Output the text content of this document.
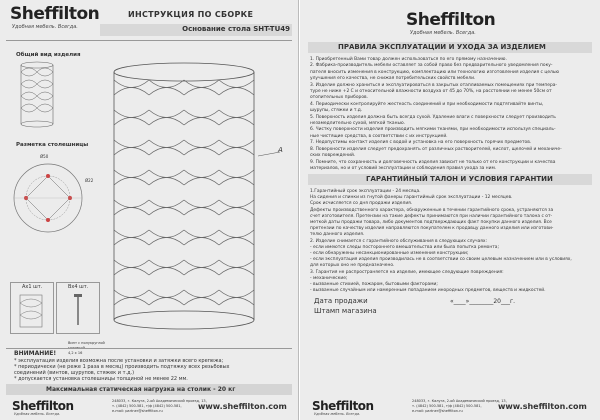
Sheffilton
Удобная мебель. Всегда.
ИНСТРУКЦИЯ ПО СБОРКЕ
Основание стола SHT-TU49
Общий вид изделия
Разметка столешницы
Ø50
Ø22
А
Ax1 шт.	Bx4 шт.
Винт с полукруглой
4,2 х 16
ВНИМАНИЕ!
* эксплуатация изделия возможна после установки и затяжки всего крепежа;
* периодически (не реже 1 раза в месяц) производить подтяжку всех резьбовых
соединений (винтов, шурупов, стяжек и т.д.)
* допускается установка столешницы толщиной не менее 22 мм.
Максимальная статическая нагрузка на столик - 20 кг
Sheffilton
Удобная мебель. Всегда.
248033, г. Калуга, 2-ой Академический проезд, 13,
т. (4842) 500-581, т/ф (4842) 500-581,
e-mail: partner@sheffilton.ru	www.sheffilton.com
Sheffilton
Удобная мебель. Всегда.
ПРАВИЛА ЭКСПЛУАТАЦИИ И УХОДА ЗА ИЗДЕЛИЕМ
1. Приобретенный Вами товар должен использоваться по его прямому назначению.
2. Фабрика-производитель мебели оставляет за собой право без предварительного уведомления поку-
пателя вносить изменения в конструкцию, комплектацию или технологию изготовления изделия с целью
улучшения его качества, не снижая потребительских свойств мебели.
3. Изделие должно храниться и эксплуатироваться в закрытых отапливаемых помещениях при темпера-
туре не ниже +2 С и относительной влажности воздуха от 45 до 70%, на расстоянии не менее 50см от
отопительных приборов.
4. Периодически контролируйте жесткость соединений и при необходимости подтягивайте винты,
шурупы, стяжки и т.д.
5. Поверхность изделия должна быть всегда сухой. Удаление влаги с поверхности следует производить
незамедлительно сухой, мягкой тканью.
6. Чистку поверхности изделия производить мягкими тканями, при необходимости используя специаль-
ные чистящие средства, в соответствии с их инструкцией.
7. Недопустимы контакт изделия с водой и установка на его поверхность горячих предметов.
8. Поверхности изделия следует предохранять от различных растворителей, кислот, щелочей и механиче-
ских повреждений.
9. Помните, что сохранность и долговечность изделия зависит не только от его конструкции и качества
материалов, но и от условий эксплуатации и соблюдения правил ухода за ним.
ГАРАНТИЙНЫЙ ТАЛОН И УСЛОВИЯ ГАРАНТИИ
1.Гарантийный срок эксплуатации - 24 месяца.
На сидения и спинки из гнутой фанеры гарантийный срок эксплуатации - 12 месяцев.
Срок исчисляется со дня продажи изделия.
Дефекты производственного характера, обнаруженные в течении гарантийного срока, устраняются за
счет изготовителя. Претензии на такие дефекты принимаются при наличии гарантийного талона с от-
меткой даты продажи товара, либо документов подтверждающих факт покупки данного изделия. Все
претензии по качеству изделия направляются покупателем к продавцу данного изделия или изготови-
телю данного изделия.
2. Изделие снимается с гарантийного обслуживания в следующих случаях:
- если имеются следы постороннего вмешательства или была попытка ремонта;
- если обнаружены несанкционированные изменения конструкции;
- если эксплуатация изделия производилась не в соответствии со своим целевым назначением или в условиях,
для которых оно не предназначено.
3. Гарантия не распространяется на изделие, имеющее следующие повреждения:
- механические;
- вызванные стихией, пожаром, бытовыми факторами;
- вызванные случайным или намеренным попаданием инородных предметов, веществ и жидкостей.
Дата продажи	«____»________20___г.
Штамп магазина
Sheffilton
Удобная мебель. Всегда.
248033, г. Калуга, 2-ой Академический проезд, 13,
т. (4842) 500-581, т/ф (4842) 500-581,
e-mail: partner@sheffilton.ru	www.sheffilton.com
